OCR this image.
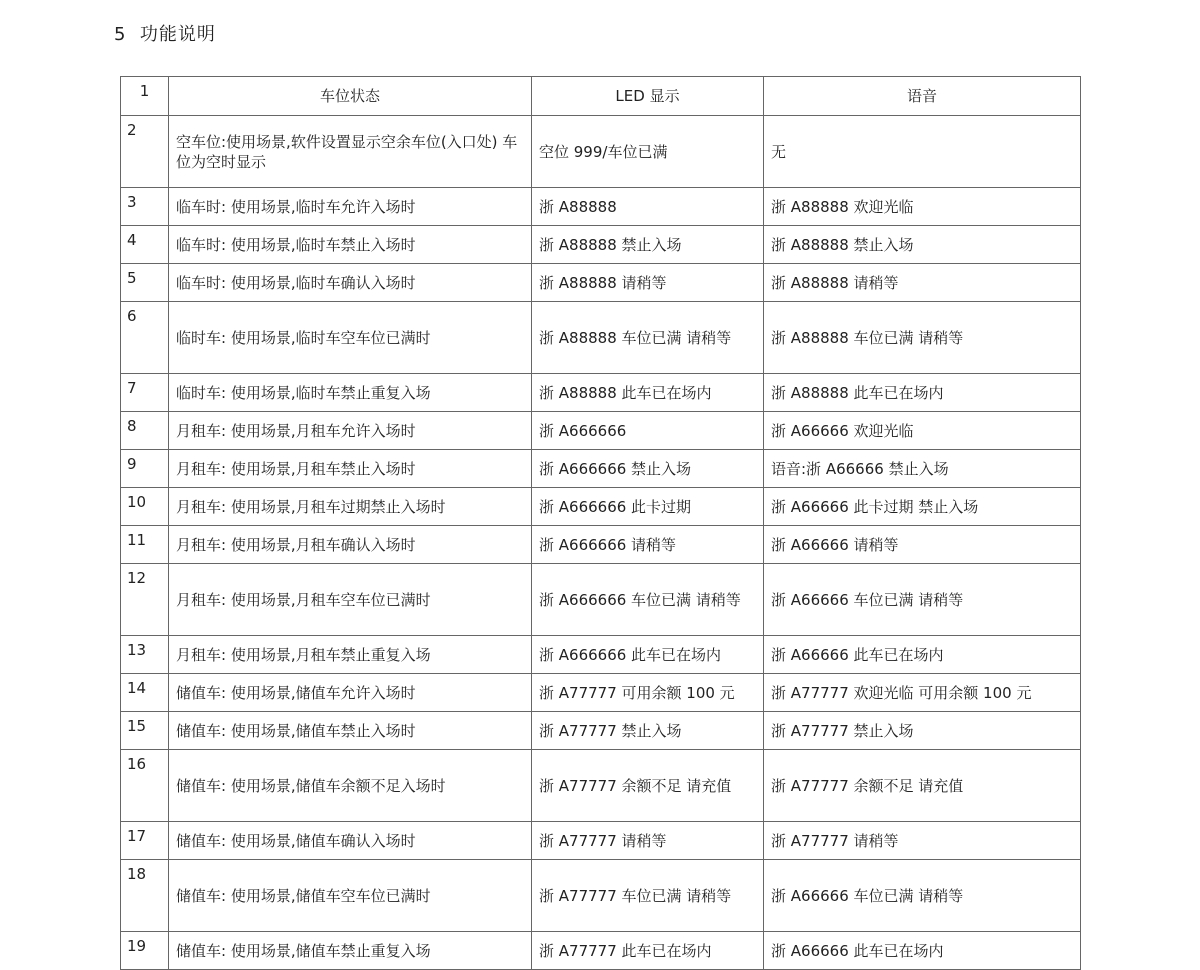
5 功能说明
1	车位状态	LED 显示	语音
2	空车位:使用场景,软件设置显示空余车位(入口处) 车位为空时显示	空位 999/车位已满	无
3	临车时: 使用场景,临时车允许入场时	浙 A88888	浙 A88888 欢迎光临
4	临车时: 使用场景,临时车禁止入场时	浙 A88888 禁止入场	浙 A88888 禁止入场
5	临车时: 使用场景,临时车确认入场时	浙 A88888 请稍等	浙 A88888 请稍等
6	临时车: 使用场景,临时车空车位已满时	浙 A88888 车位已满 请稍等	浙 A88888 车位已满 请稍等
7	临时车: 使用场景,临时车禁止重复入场	浙 A88888 此车已在场内	浙 A88888 此车已在场内
8	月租车: 使用场景,月租车允许入场时	浙 A666666	浙 A66666 欢迎光临
9	月租车: 使用场景,月租车禁止入场时	浙 A666666 禁止入场	语音:浙 A66666 禁止入场
10	月租车: 使用场景,月租车过期禁止入场时	浙 A666666 此卡过期	浙 A66666 此卡过期 禁止入场
11	月租车: 使用场景,月租车确认入场时	浙 A666666 请稍等	浙 A66666 请稍等
12	月租车: 使用场景,月租车空车位已满时	浙 A666666 车位已满 请稍等	浙 A66666 车位已满 请稍等
13	月租车: 使用场景,月租车禁止重复入场	浙 A666666 此车已在场内	浙 A66666 此车已在场内
14	储值车: 使用场景,储值车允许入场时	浙 A77777 可用余额 100 元	浙 A77777 欢迎光临 可用余额 100 元
15	储值车: 使用场景,储值车禁止入场时	浙 A77777 禁止入场	浙 A77777 禁止入场
16	储值车: 使用场景,储值车余额不足入场时	浙 A77777 余额不足 请充值	浙 A77777 余额不足 请充值
17	储值车: 使用场景,储值车确认入场时	浙 A77777 请稍等	浙 A77777 请稍等
18	储值车: 使用场景,储值车空车位已满时	浙 A77777 车位已满 请稍等	浙 A66666 车位已满 请稍等
19	储值车: 使用场景,储值车禁止重复入场	浙 A77777 此车已在场内	浙 A66666 此车已在场内
